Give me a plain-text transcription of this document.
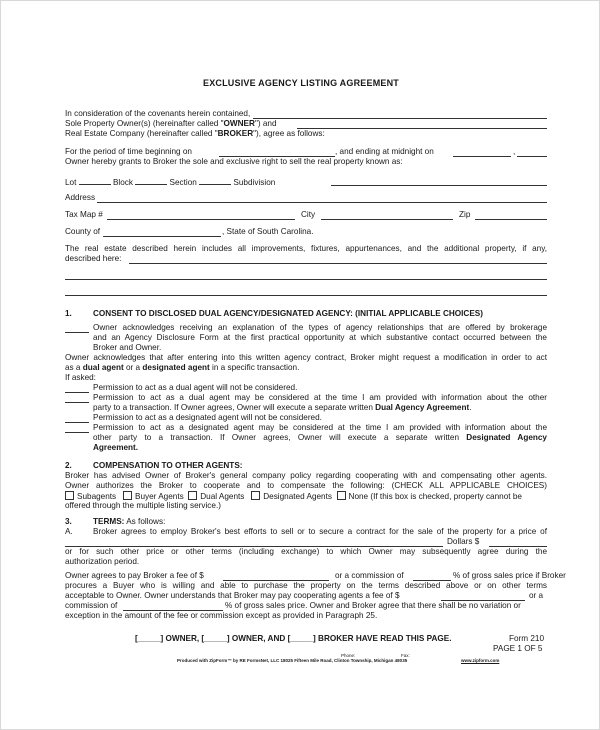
EXCLUSIVE AGENCY LISTING AGREEMENT
In consideration of the covenants herein contained,
Sole Property Owner(s) (hereinafter called "OWNER") and
Real Estate Company (hereinafter called "BROKER"), agree as follows:
For the period of time beginning on	, and ending at midnight on	,
Owner hereby grants to Broker the sole and exclusive right to sell the real property known as:
Lot	Block	Section	Subdivision
Address
Tax Map #	City	Zip
County of	, State of South Carolina.
The real estate described herein includes all improvements, fixtures, appurtenances, and the additional property, if any,
described here:
1.	CONSENT TO DISCLOSED DUAL AGENCY/DESIGNATED AGENCY: (INITIAL APPLICABLE CHOICES)
Owner acknowledges receiving an explanation of the types of agency relationships that are offered by brokerage
and an Agency Disclosure Form at the first practical opportunity at which substantive contact occurred between the
Broker and Owner.
Owner acknowledges that after entering into this written agency contract, Broker might request a modification in order to act
as a dual agent or a designated agent in a specific transaction.
If asked:
Permission to act as a dual agent will not be considered.
Permission to act as a dual agent may be considered at the time I am provided with information about the other
party to a transaction. If Owner agrees, Owner will execute a separate written Dual Agency Agreement.
Permission to act as a designated agent will not be considered.
Permission to act as a designated agent may be considered at the time I am provided with information about the
other party to a transaction. If Owner agrees, Owner will execute a separate written Designated Agency
Agreement.
2.	COMPENSATION TO OTHER AGENTS:
Broker has advised Owner of Broker's general company policy regarding cooperating with and compensating other agents.
Owner authorizes the Broker to cooperate and to compensate the following: (CHECK ALL APPLICABLE CHOICES)
Subagents Buyer Agents Dual Agents Designated Agents None (If this box is checked, property cannot be
offered through the multiple listing service.)
3.	TERMS: As follows:
A. Broker agrees to employ Broker's best efforts to sell or to secure a contract for the sale of the property for a price of
Dollars $
or for such other price or other terms (including exchange) to which Owner may subsequently agree during the
authorization period.
Owner agrees to pay Broker a fee of $	or a commission of	% of gross sales price if Broker
procures a Buyer who is willing and able to purchase the property on the terms described above or on other terms
acceptable to Owner. Owner understands that Broker may pay cooperating agents a fee of $	or a
commission of	% of gross sales price. Owner and Broker agree that there shall be no variation or
exception in the amount of the fee or commission except as provided in Paragraph 25.
[_____] OWNER, [_____] OWNER, AND [_____] BROKER HAVE READ THIS PAGE.	Form 210
PAGE 1 OF 5
Phone:	Fax:
Produced with ZipForm™ by RE FormsNet, LLC 18025 Fifteen Mile Road, Clinton Township, Michigan 48035	www.zipform.com
